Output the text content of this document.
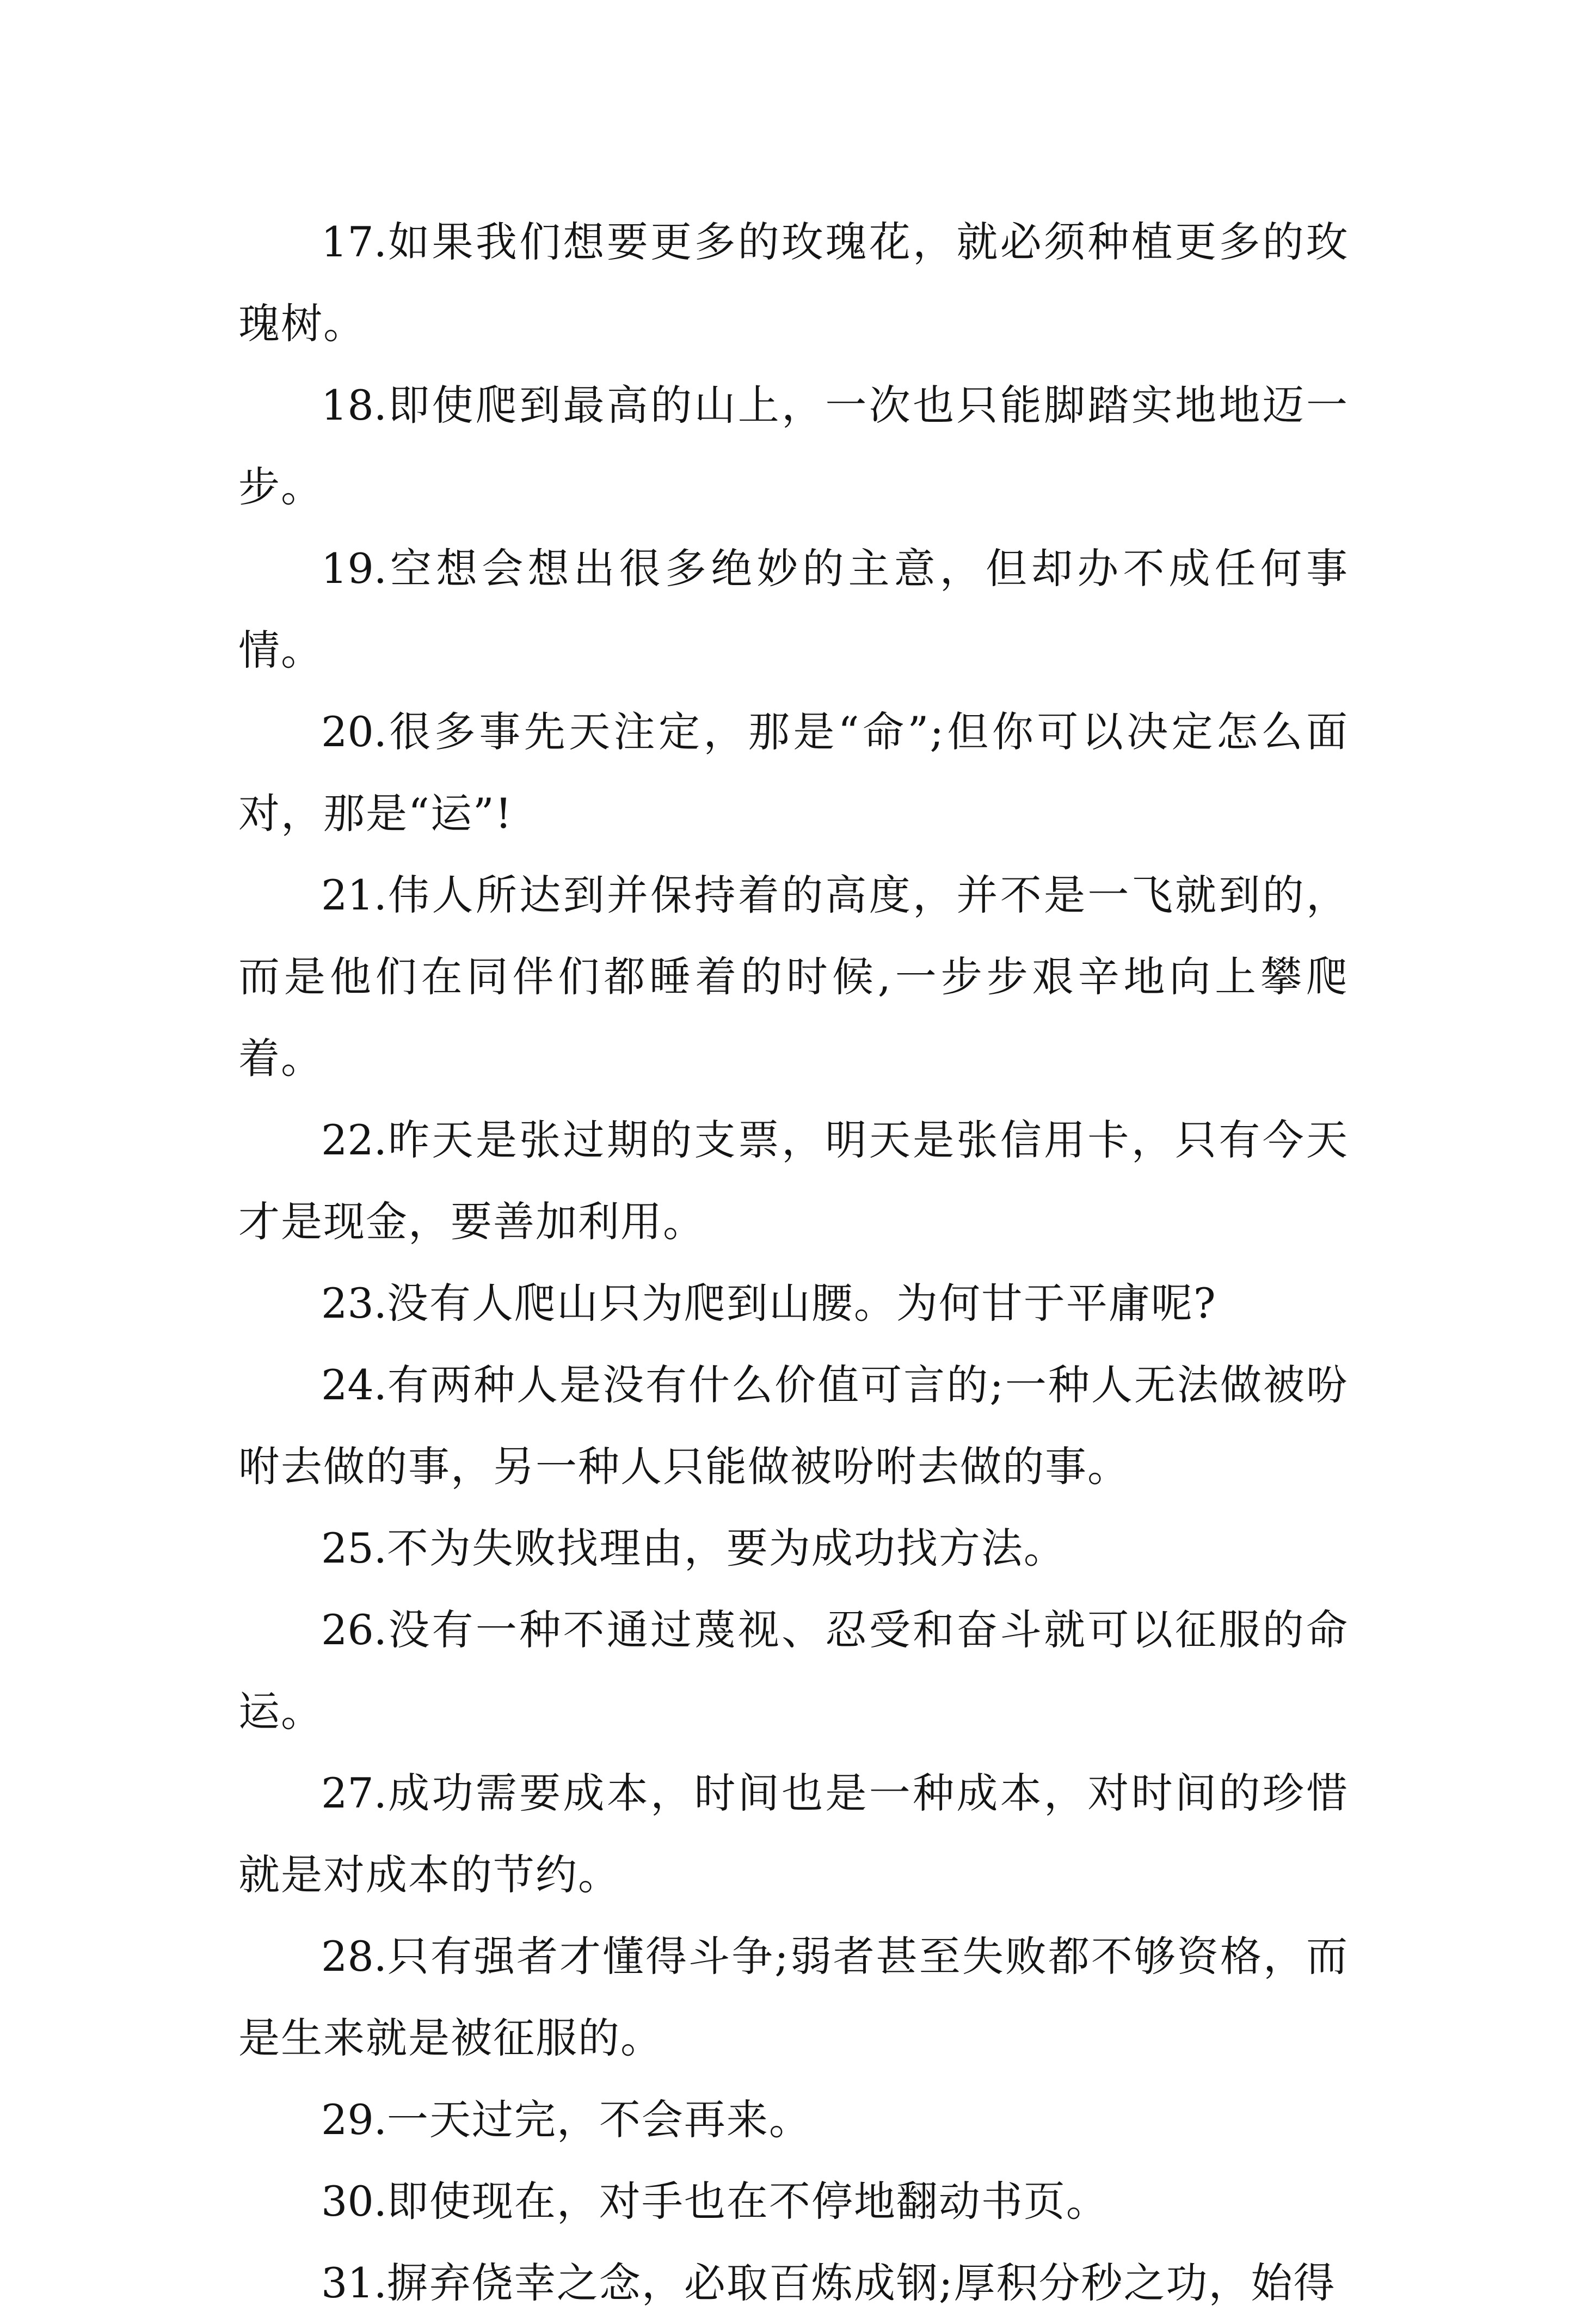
17.如果我们想要更多的玫瑰花，就必须种植更多的玫瑰树。

18.即使爬到最高的山上，一次也只能脚踏实地地迈一步。

19.空想会想出很多绝妙的主意，但却办不成任何事情。

20.很多事先天注定，那是“命”;但你可以决定怎么面对，那是“运”!

21.伟人所达到并保持着的高度，并不是一飞就到的，而是他们在同伴们都睡着的时候,一步步艰辛地向上攀爬着。

22.昨天是张过期的支票，明天是张信用卡，只有今天才是现金，要善加利用。

23.没有人爬山只为爬到山腰。为何甘于平庸呢?

24.有两种人是没有什么价值可言的;一种人无法做被吩咐去做的事，另一种人只能做被吩咐去做的事。

25.不为失败找理由，要为成功找方法。

26.没有一种不通过蔑视、忍受和奋斗就可以征服的命运。

27.成功需要成本，时间也是一种成本，对时间的珍惜就是对成本的节约。

28.只有强者才懂得斗争;弱者甚至失败都不够资格，而是生来就是被征服的。

29.一天过完，不会再来。

30.即使现在，对手也在不停地翻动书页。

31.摒弃侥幸之念，必取百炼成钢;厚积分秒之功，始得
